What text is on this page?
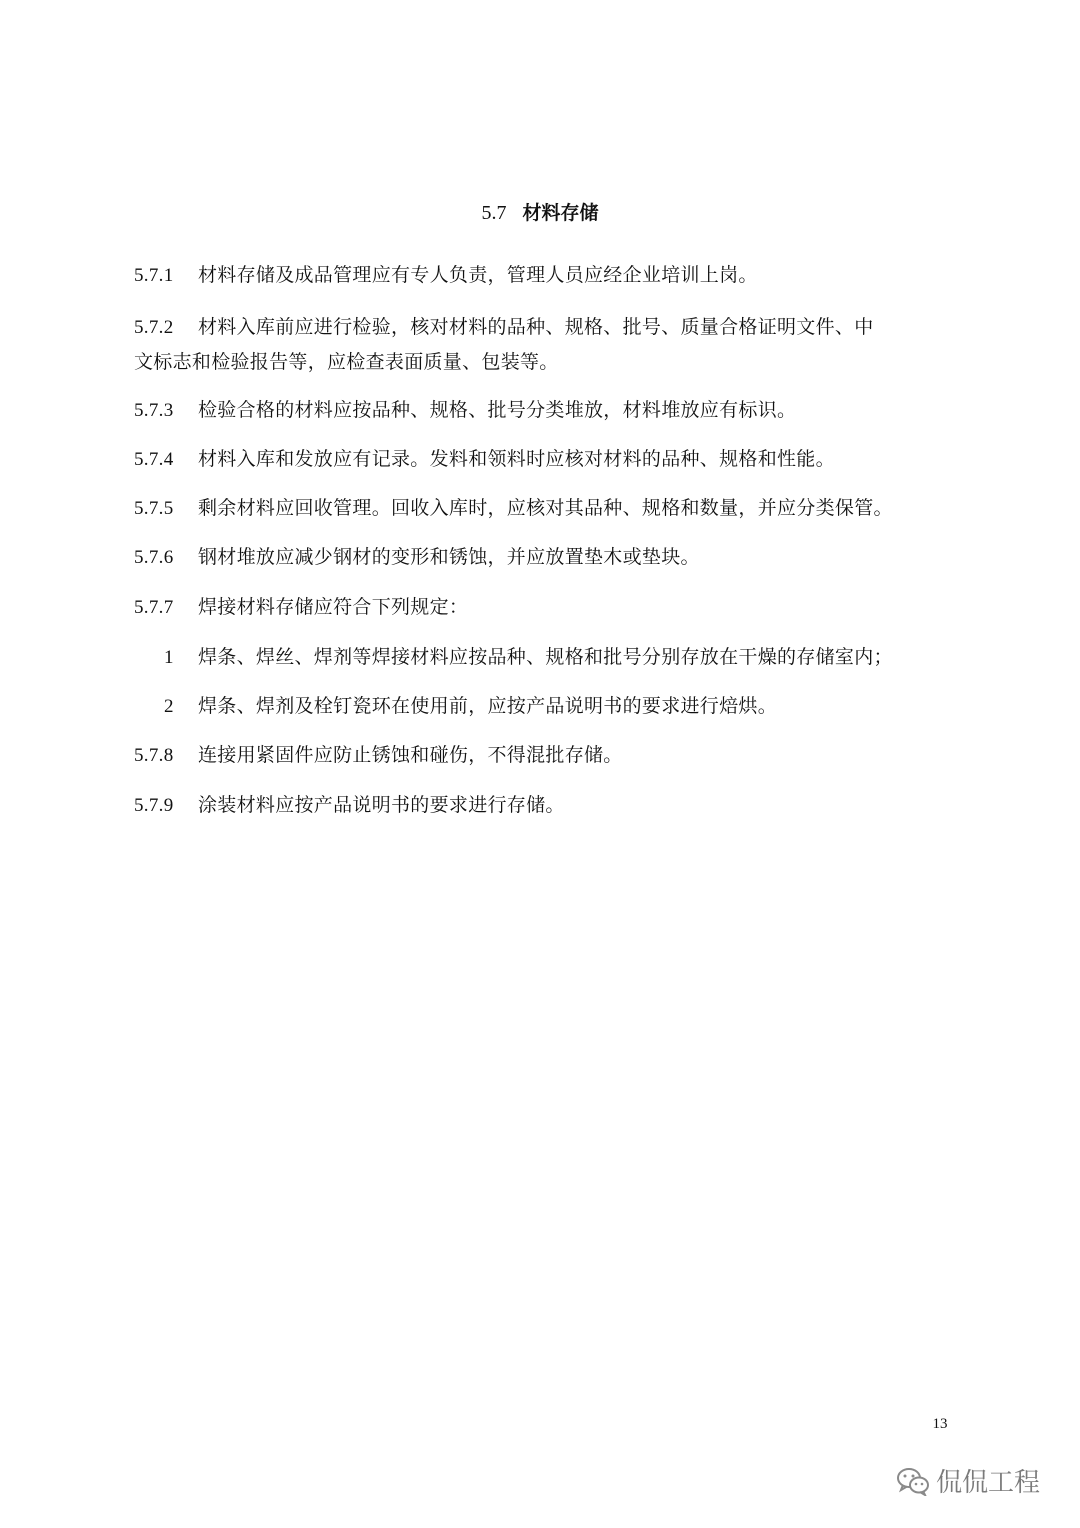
5.7 材料存储
5.7.1 材料存储及成品管理应有专人负责，管理人员应经企业培训上岗。
5.7.2 材料入库前应进行检验，核对材料的品种、规格、批号、质量合格证明文件、中
文标志和检验报告等，应检查表面质量、包装等。
5.7.3 检验合格的材料应按品种、规格、批号分类堆放，材料堆放应有标识。
5.7.4 材料入库和发放应有记录。发料和领料时应核对材料的品种、规格和性能。
5.7.5 剩余材料应回收管理。回收入库时，应核对其品种、规格和数量，并应分类保管。
5.7.6 钢材堆放应减少钢材的变形和锈蚀，并应放置垫木或垫块。
5.7.7 焊接材料存储应符合下列规定：
1 焊条、焊丝、焊剂等焊接材料应按品种、规格和批号分别存放在干燥的存储室内；
2 焊条、焊剂及栓钉瓷环在使用前，应按产品说明书的要求进行焙烘。
5.7.8 连接用紧固件应防止锈蚀和碰伤，不得混批存储。
5.7.9 涂装材料应按产品说明书的要求进行存储。
13
侃侃工程
